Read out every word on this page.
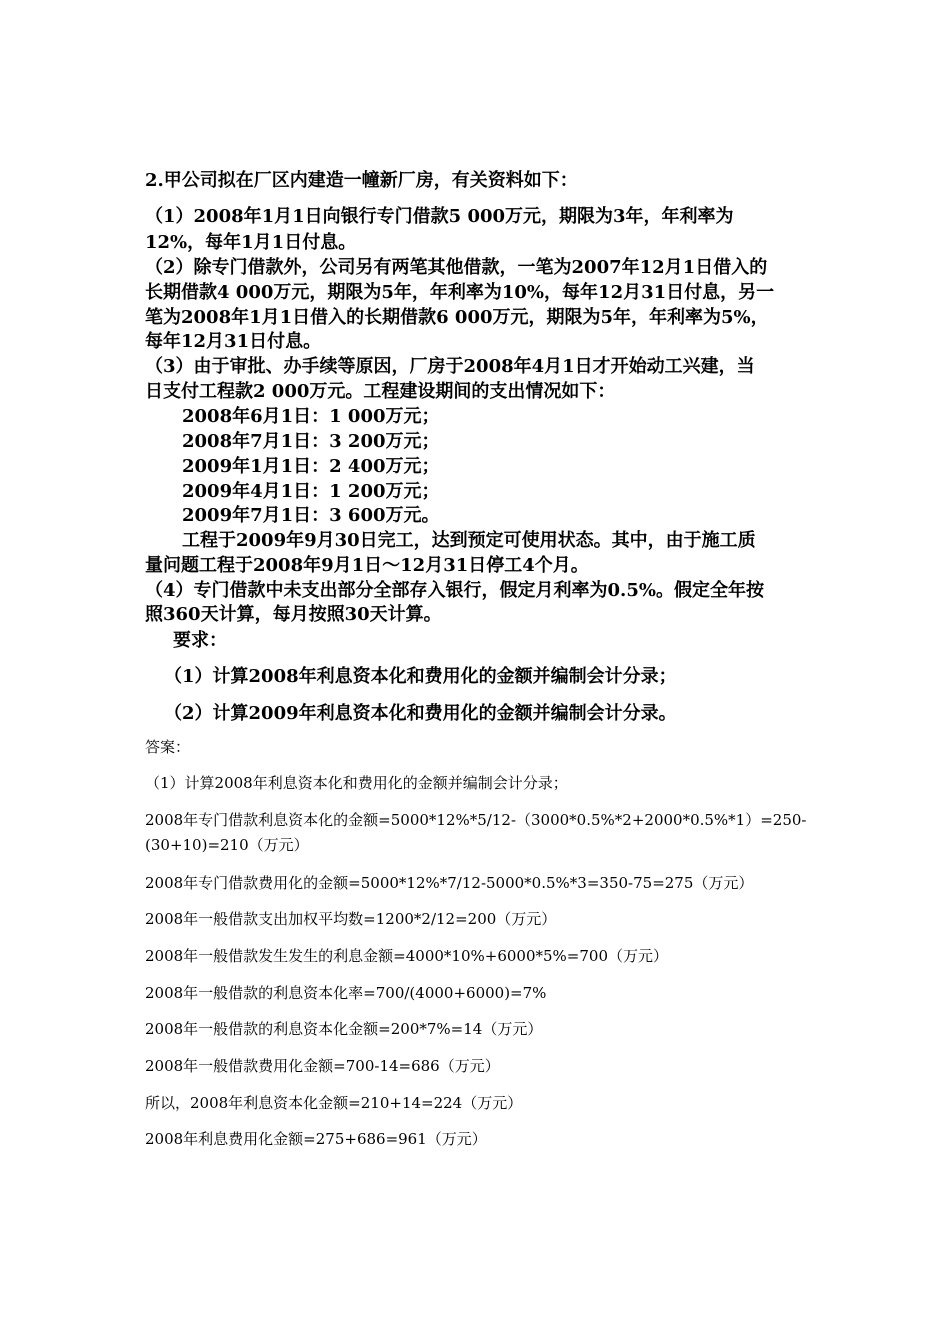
2.甲公司拟在厂区内建造一幢新厂房，有关资料如下：
（1）2008年1月1日向银行专门借款5 000万元，期限为3年，年利率为
12%，每年1月1日付息。
（2）除专门借款外，公司另有两笔其他借款，一笔为2007年12月1日借入的
长期借款4 000万元，期限为5年，年利率为10%，每年12月31日付息，另一
笔为2008年1月1日借入的长期借款6 000万元，期限为5年，年利率为5%，
每年12月31日付息。
（3）由于审批、办手续等原因，厂房于2008年4月1日才开始动工兴建，当
日支付工程款2 000万元。工程建设期间的支出情况如下：
2008年6月1日：1 000万元；
2008年7月1日：3 200万元；
2009年1月1日：2 400万元；
2009年4月1日：1 200万元；
2009年7月1日：3 600万元。
工程于2009年9月30日完工，达到预定可使用状态。其中，由于施工质
量问题工程于2008年9月1日～12月31日停工4个月。
（4）专门借款中未支出部分全部存入银行，假定月利率为0.5%。假定全年按
照360天计算，每月按照30天计算。
要求：
（1）计算2008年利息资本化和费用化的金额并编制会计分录；
（2）计算2009年利息资本化和费用化的金额并编制会计分录。
答案：
（1）计算2008年利息资本化和费用化的金额并编制会计分录；
2008年专门借款利息资本化的金额=5000*12%*5/12-（3000*0.5%*2+2000*0.5%*1）=250-
(30+10)=210（万元）
2008年专门借款费用化的金额=5000*12%*7/12-5000*0.5%*3=350-75=275（万元）
2008年一般借款支出加权平均数=1200*2/12=200（万元）
2008年一般借款发生发生的利息金额=4000*10%+6000*5%=700（万元）
2008年一般借款的利息资本化率=700/(4000+6000)=7%
2008年一般借款的利息资本化金额=200*7%=14（万元）
2008年一般借款费用化金额=700-14=686（万元）
所以，2008年利息资本化金额=210+14=224（万元）
2008年利息费用化金额=275+686=961（万元）
